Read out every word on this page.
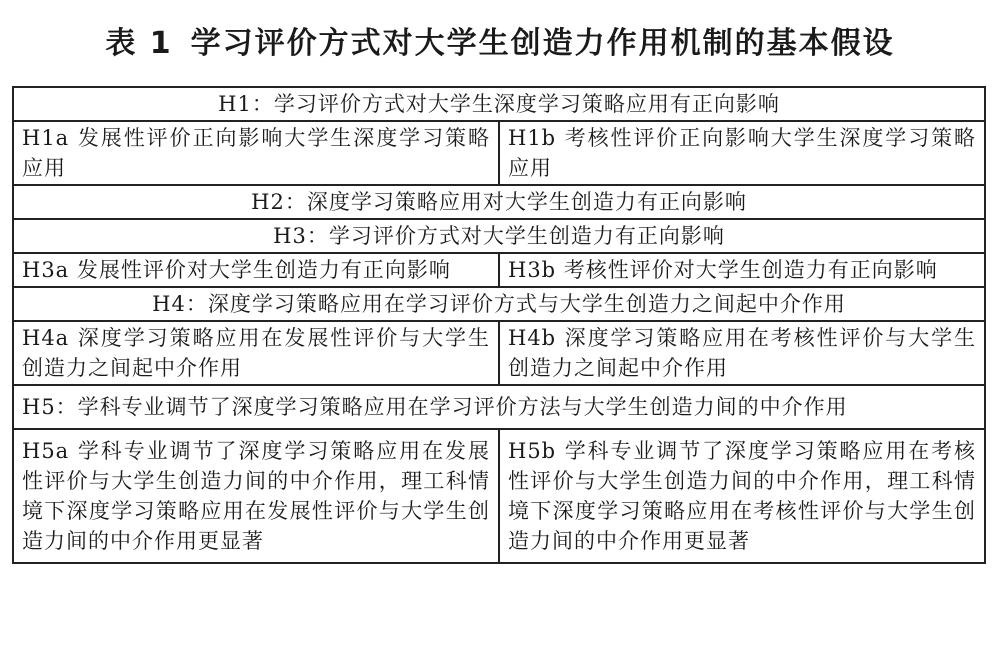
表 1 学习评价方式对大学生创造力作用机制的基本假设
H1：学习评价方式对大学生深度学习策略应用有正向影响	
H1a 发展性评价正向影响大学生深度学习策略应用	H1b 考核性评价正向影响大学生深度学习策略应用
H2：深度学习策略应用对大学生创造力有正向影响	
H3：学习评价方式对大学生创造力有正向影响	
H3a 发展性评价对大学生创造力有正向影响	H3b 考核性评价对大学生创造力有正向影响
H4：深度学习策略应用在学习评价方式与大学生创造力之间起中介作用	
H4a 深度学习策略应用在发展性评价与大学生创造力之间起中介作用	H4b 深度学习策略应用在考核性评价与大学生创造力之间起中介作用
H5：学科专业调节了深度学习策略应用在学习评价方法与大学生创造力间的中介作用	
H5a 学科专业调节了深度学习策略应用在发展性评价与大学生创造力间的中介作用，理工科情境下深度学习策略应用在发展性评价与大学生创造力间的中介作用更显著	H5b 学科专业调节了深度学习策略应用在考核性评价与大学生创造力间的中介作用，理工科情境下深度学习策略应用在考核性评价与大学生创造力间的中介作用更显著
